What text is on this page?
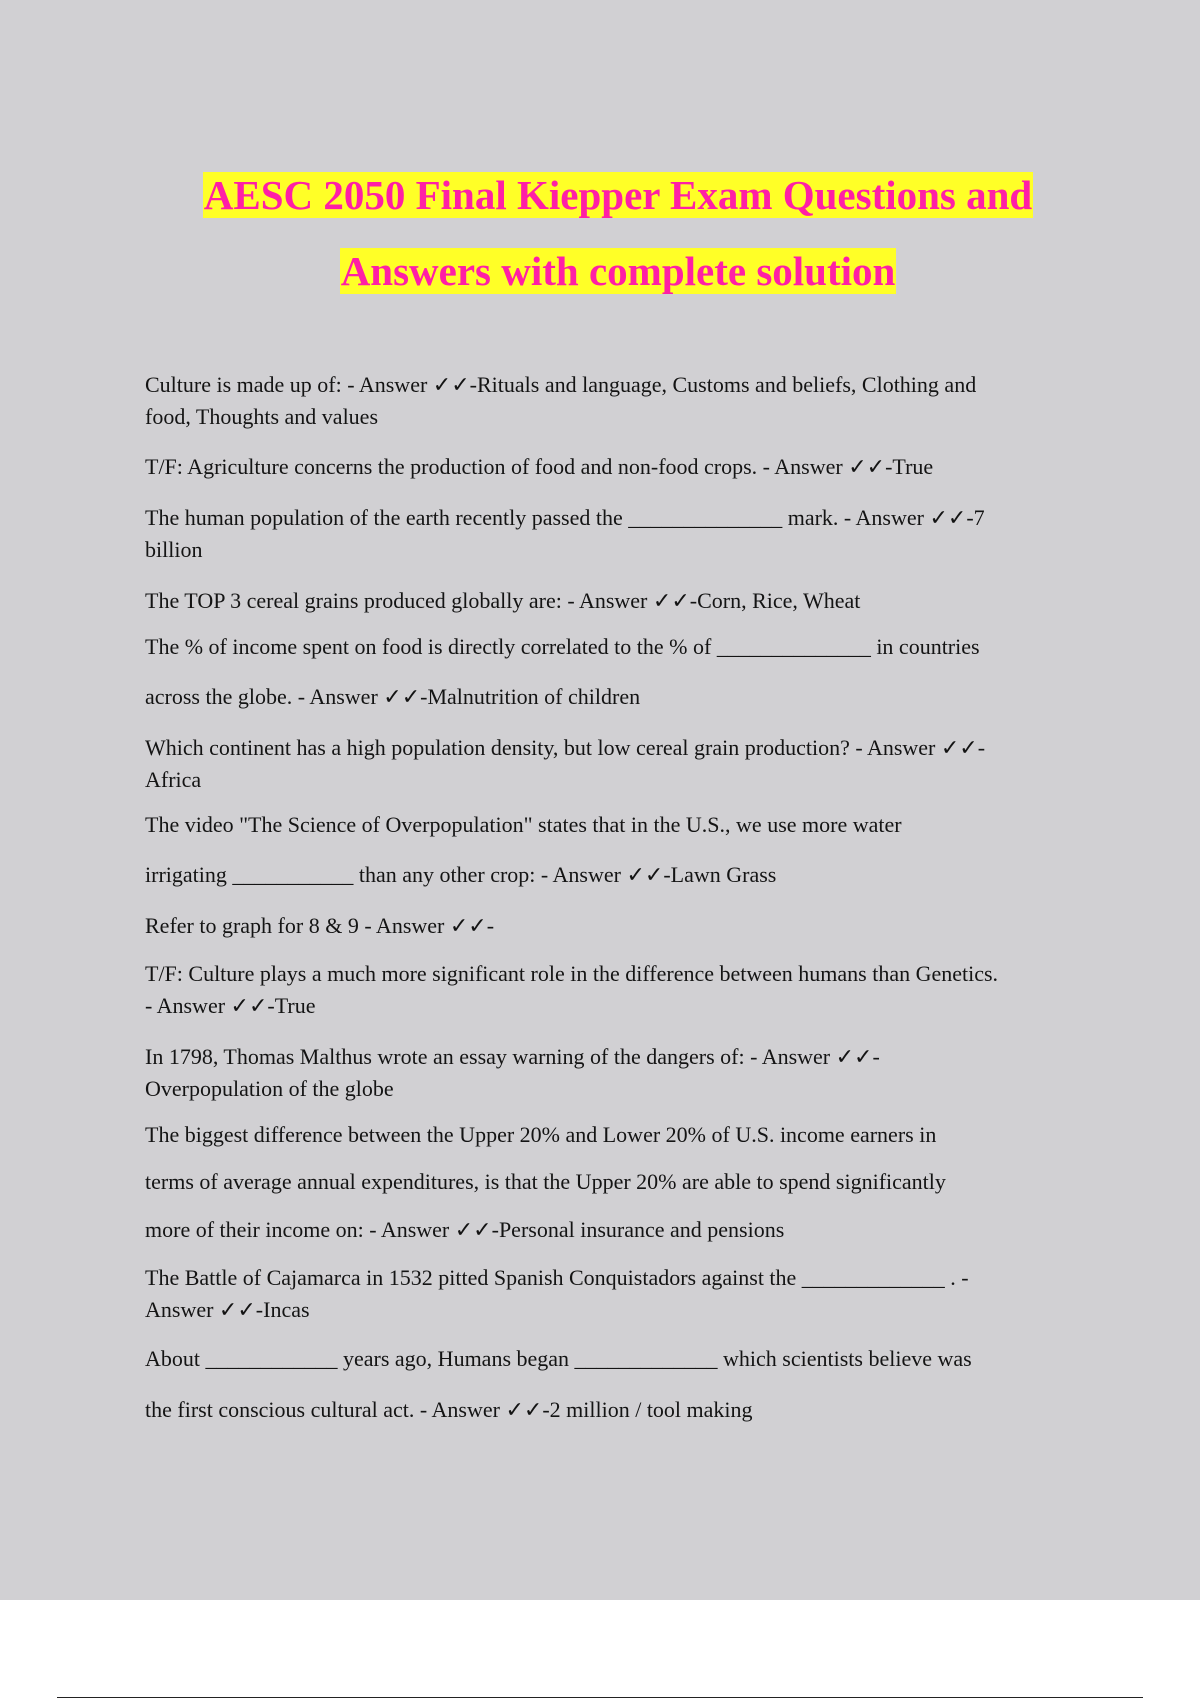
AESC 2050 Final Kiepper Exam Questions and
Answers with complete solution

Culture is made up of: - Answer ✓✓-Rituals and language, Customs and beliefs, Clothing and
food, Thoughts and values

T/F: Agriculture concerns the production of food and non-food crops. - Answer ✓✓-True

The human population of the earth recently passed the ______________ mark. - Answer ✓✓-7
billion

The TOP 3 cereal grains produced globally are: - Answer ✓✓-Corn, Rice, Wheat

The % of income spent on food is directly correlated to the % of ______________ in countries

across the globe. - Answer ✓✓-Malnutrition of children

Which continent has a high population density, but low cereal grain production? - Answer ✓✓-
Africa

The video "The Science of Overpopulation" states that in the U.S., we use more water

irrigating ___________ than any other crop: - Answer ✓✓-Lawn Grass

Refer to graph for 8 & 9 - Answer ✓✓-

T/F: Culture plays a much more significant role in the difference between humans than Genetics.
- Answer ✓✓-True

In 1798, Thomas Malthus wrote an essay warning of the dangers of: - Answer ✓✓-
Overpopulation of the globe

The biggest difference between the Upper 20% and Lower 20% of U.S. income earners in

terms of average annual expenditures, is that the Upper 20% are able to spend significantly

more of their income on: - Answer ✓✓-Personal insurance and pensions

The Battle of Cajamarca in 1532 pitted Spanish Conquistadors against the _____________ . -
Answer ✓✓-Incas

About ____________ years ago, Humans began _____________ which scientists believe was

the first conscious cultural act. - Answer ✓✓-2 million / tool making
